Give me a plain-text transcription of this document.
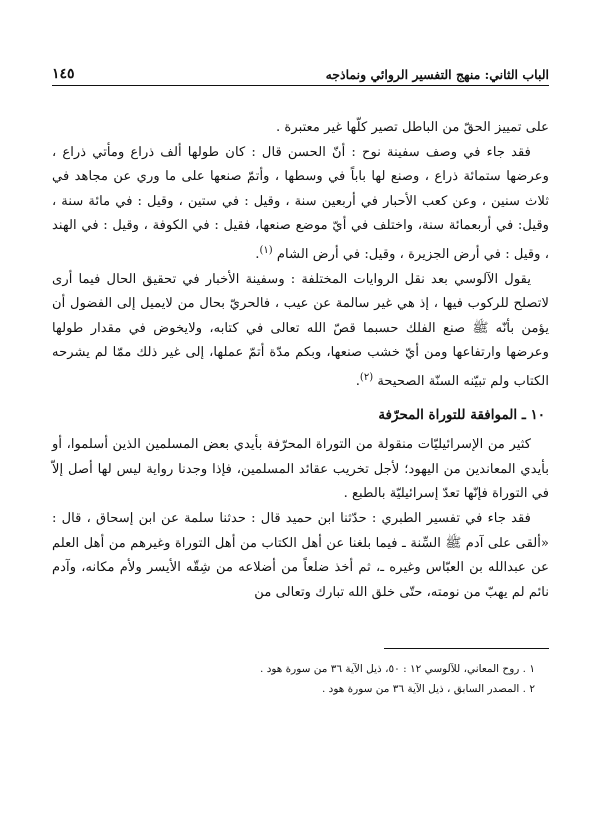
الباب الثاني: منهج التفسير الروائي ونماذجه
١٤٥

على تمييز الحقّ من الباطل تصير كلّها غير معتبرة .

فقد جاء في وصف سفينة نوح : أنّ الحسن قال : كان طولها ألف ذراع ومأتي ذراع ، وعرضها ستمائة ذراع ، وصنع لها باباً في وسطها ، وأتمّ صنعها على ما وري عن مجاهد في ثلاث سنين ، وعن كعب الأحبار في أربعين سنة ، وقيل : في ستين ، وقيل : في مائة سنة ، وقيل: في أربعمائة سنة، واختلف في أيّ موضع صنعها، فقيل : في الكوفة ، وقيل : في الهند ، وقيل : في أرض الجزيرة ، وقيل: في أرض الشام $^{(١)}$.

يقول الآلوسي بعد نقل الروايات المختلفة : وسفينة الأخبار في تحقيق الحال فيما أرى لاتصلح للركوب فيها ، إذ هي غير سالمة عن عيب ، فالحريّ بحال من لايميل إلى الفضول أن يؤمن بأنّه ﷺ صنع الفلك حسبما قصّ الله تعالى في كتابه، ولايخوض في مقدار طولها وعرضها وارتفاعها ومن أيّ خشب صنعها، وبكم مدّة أتمّ عملها، إلى غير ذلك ممّا لم يشرحه الكتاب ولم تبيّنه السنّة الصحيحة $^{(٢)}$.

١٠ ـ الموافقة للتوراة المحرّفة

كثير من الإسرائيليّات منقولة من التوراة المحرّفة بأيدي بعض المسلمين الذين أسلموا، أو بأيدي المعاندين من اليهود؛ لأجل تخريب عقائد المسلمين، فإذا وجدنا رواية ليس لها أصل إلاّ في التوراة فإنّها تعدّ إسرائيليّة بالطبع .

فقد جاء في تفسير الطبري : حدّثنا ابن حميد قال : حدثنا سلمة عن ابن إسحاق ، قال : «ألقى على آدم ﷺ السِّنة ـ فيما بلغنا عن أهل الكتاب من أهل التوراة وغيرهم من أهل العلم عن عبدالله بن العبّاس وغيره ـ، ثم أخذ ضلعاً من أضلاعه من شِقّه الأيسر ولأم مكانه، وآدم نائم لم يهبّ من نومته، حتّى خلق الله تبارك وتعالى من

١ . روح المعاني، للآلوسي ١٢ : ٥٠، ذيل الآية ٣٦ من سورة هود .
٢ . المصدر السابق ، ذيل الآية ٣٦ من سورة هود .
